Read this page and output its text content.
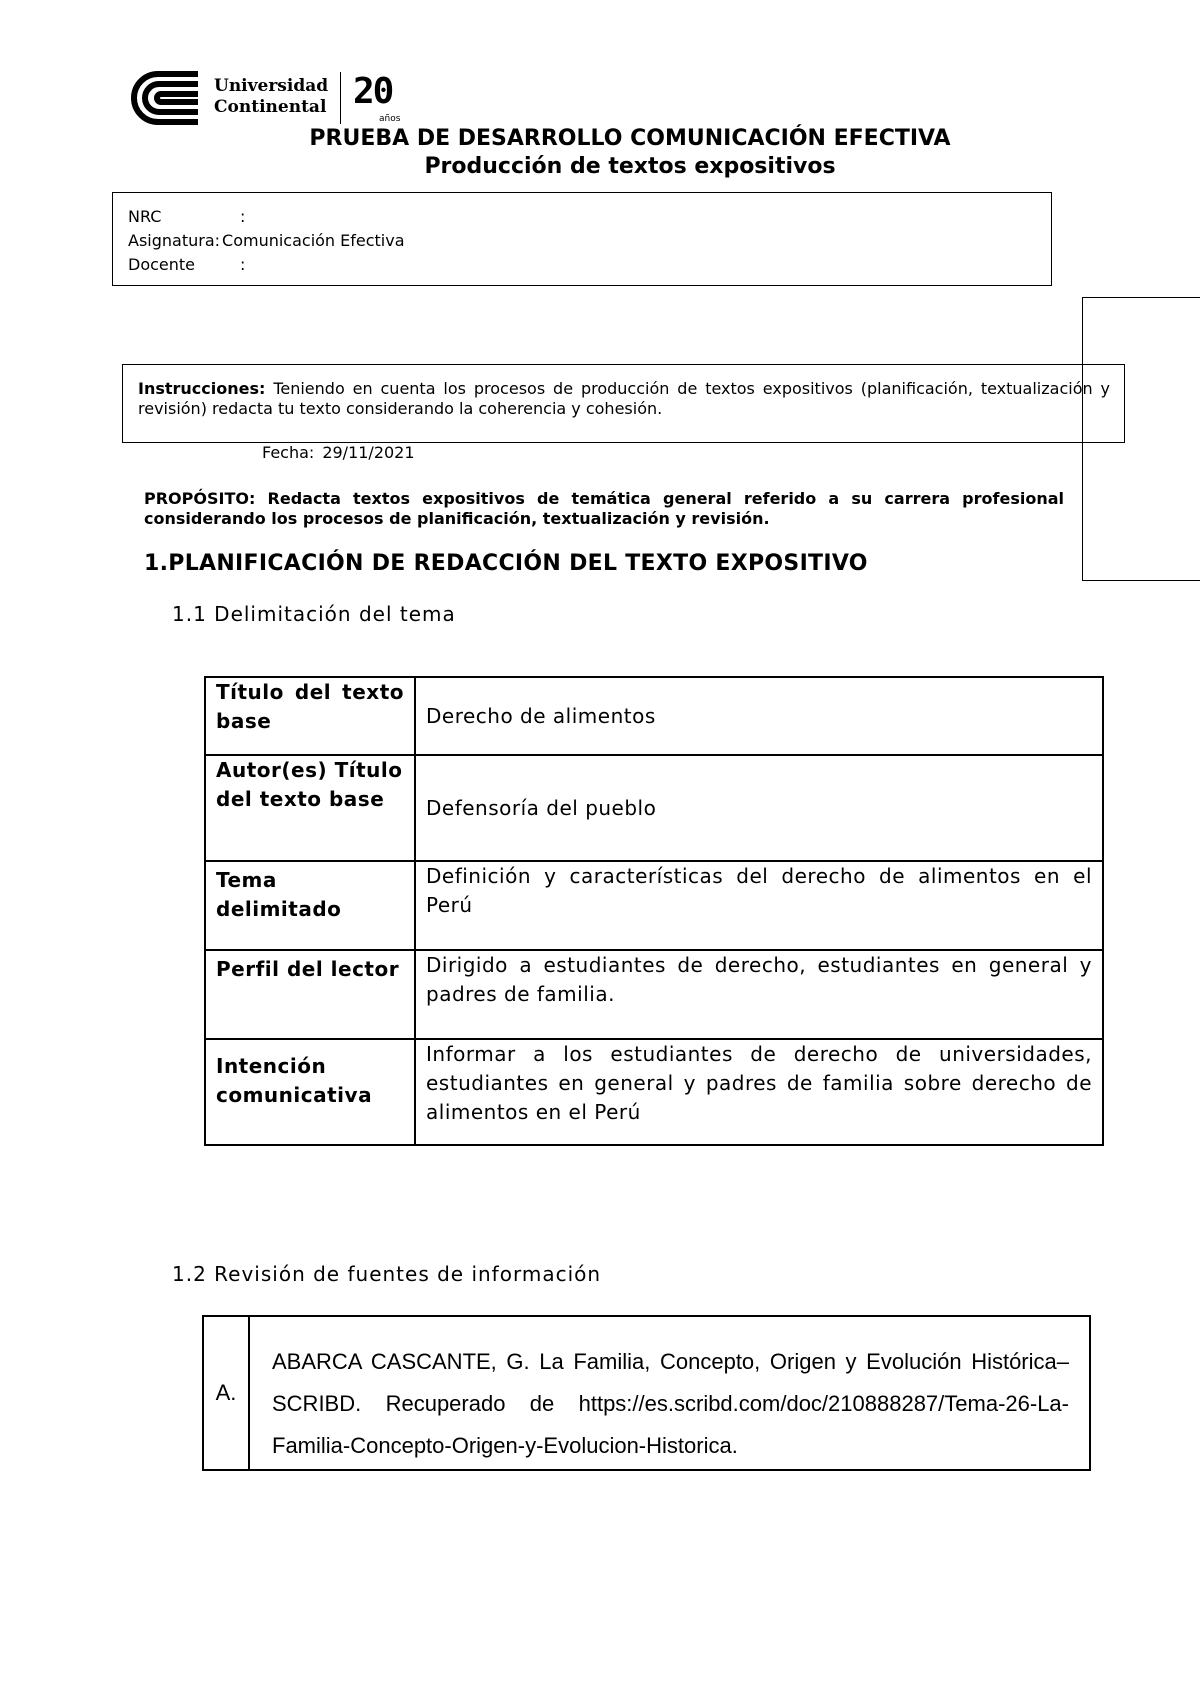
Universidad
Continental 20
años
PRUEBA DE DESARROLLO COMUNICACIÓN EFECTIVA
Producción de textos expositivos
NRC	:
Asignatura : Comunicación Efectiva
Docente	:
Instrucciones: Teniendo en cuenta los procesos de producción de textos expositivos (planificación, textualización y revisión) redacta tu texto considerando la coherencia y cohesión.
Fecha: 29/11/2021
PROPÓSITO: Redacta textos expositivos de temática general referido a su carrera profesional considerando los procesos de planificación, textualización y revisión.
1.PLANIFICACIÓN DE REDACCIÓN DEL TEXTO EXPOSITIVO
1.1 Delimitación del tema
Título del texto base	Derecho de alimentos

Autor(es) Título del texto base	Defensoría del pueblo

Tema delimitado	Definición y características del derecho de alimentos en el Perú

Perfil del lector	Dirigido a estudiantes de derecho, estudiantes en general y padres de familia.

Intención comunicativa	Informar a los estudiantes de derecho de universidades, estudiantes en general y padres de familia sobre derecho de alimentos en el Perú
1.2 Revisión de fuentes de información
A.	ABARCA CASCANTE, G. La Familia, Concepto, Origen y Evolución Histórica–SCRIBD. Recuperado de https://es.scribd.com/doc/210888287/Tema-26-La-Familia-Concepto-Origen-y-Evolucion-Historica.
